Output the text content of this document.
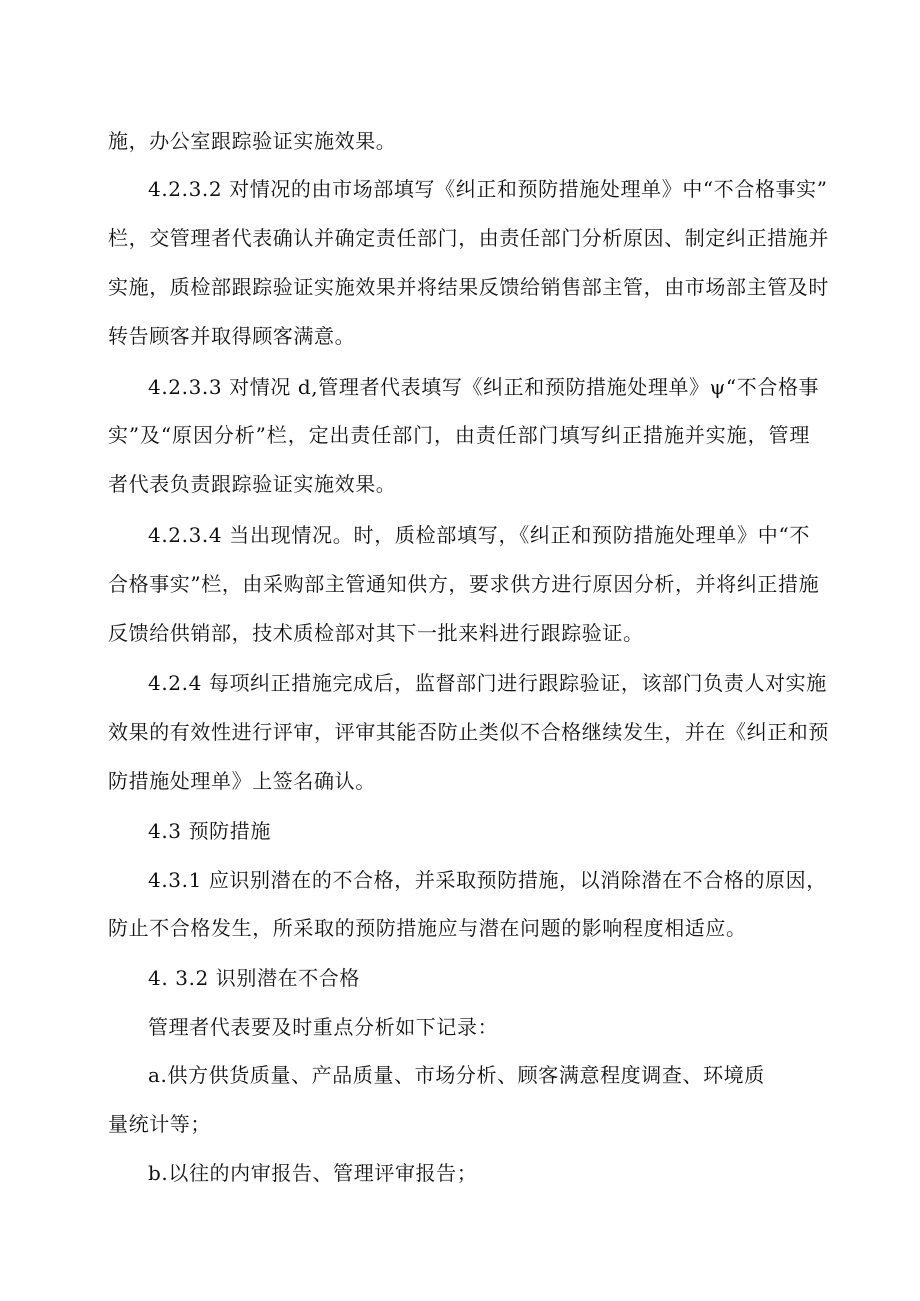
施，办公室跟踪验证实施效果。
4.2.3.2 对情况的由市场部填写《纠正和预防措施处理单》中“不合格事实”
栏，交管理者代表确认并确定责任部门，由责任部门分析原因、制定纠正措施并
实施，质检部跟踪验证实施效果并将结果反馈给销售部主管，由市场部主管及时
转告顾客并取得顾客满意。
4.2.3.3 对情况 d,管理者代表填写《纠正和预防措施处理单》ψ“不合格事
实”及“原因分析”栏，定出责任部门，由责任部门填写纠正措施并实施，管理
者代表负责跟踪验证实施效果。
4.2.3.4 当出现情况。时，质检部填写，《纠正和预防措施处理单》中“不
合格事实”栏，由采购部主管通知供方，要求供方进行原因分析，并将纠正措施
反馈给供销部，技术质检部对其下一批来料进行跟踪验证。
4.2.4 每项纠正措施完成后，监督部门进行跟踪验证，该部门负责人对实施
效果的有效性进行评审，评审其能否防止类似不合格继续发生，并在《纠正和预
防措施处理单》上签名确认。
4.3 预防措施
4.3.1 应识别潜在的不合格，并采取预防措施，以消除潜在不合格的原因，
防止不合格发生，所采取的预防措施应与潜在问题的影响程度相适应。
4. 3.2 识别潜在不合格
管理者代表要及时重点分析如下记录：
a.供方供货质量、产品质量、市场分析、顾客满意程度调查、环境质
量统计等；
b.以往的内审报告、管理评审报告；
